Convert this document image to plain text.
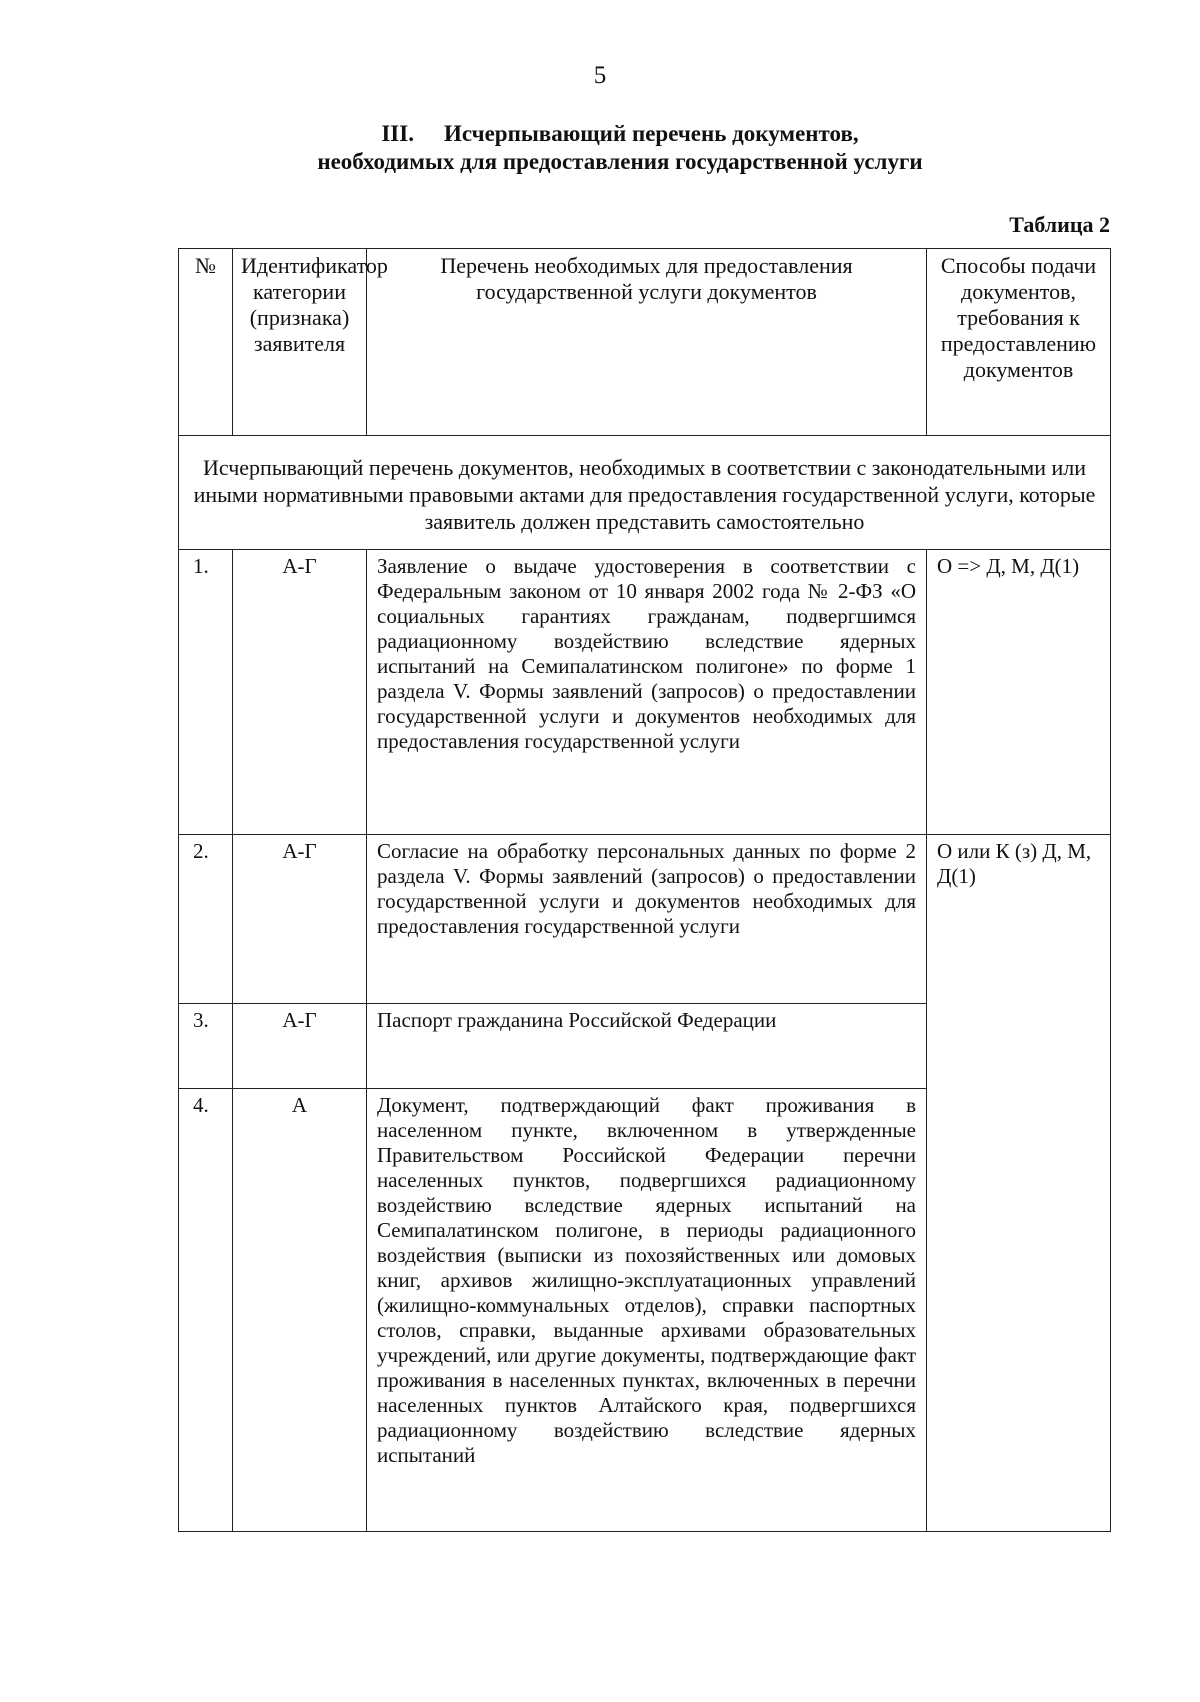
5
III. Исчерпывающий перечень документов,
необходимых для предоставления государственной услуги
Таблица 2
№	Идентификатор категории (признака) заявителя	Перечень необходимых для предоставления государственной услуги документов	Способы подачи документов, требования к предоставлению документов
Исчерпывающий перечень документов, необходимых в соответствии с законодательными или иными нормативными правовыми актами для предоставления государственной услуги, которые заявитель должен представить самостоятельно			
1.	А-Г	Заявление о выдаче удостоверения в соответствии с Федеральным законом от 10 января 2002 года № 2-ФЗ «О социальных гарантиях гражданам, подвергшимся радиационному воздействию вследствие ядерных испытаний на Семипалатинском полигоне» по форме 1 раздела V. Формы заявлений (запросов) о предоставлении государственной услуги и документов необходимых для предоставления государственной услуги	О => Д, М, Д(1)
2.	А-Г	Согласие на обработку персональных данных по форме 2 раздела V. Формы заявлений (запросов) о предоставлении государственной услуги и документов необходимых для предоставления государственной услуги	О или К (з) Д, М, Д(1)
3.	А-Г	Паспорт гражданина Российской Федерации	
4.	А	Документ, подтверждающий факт проживания в населенном пункте, включенном в утвержденные Правительством Российской Федерации перечни населенных пунктов, подвергшихся радиационному воздействию вследствие ядерных испытаний на Семипалатинском полигоне, в периоды радиационного воздействия (выписки из похозяйственных или домовых книг, архивов жилищно-эксплуатационных управлений (жилищно-коммунальных отделов), справки паспортных столов, справки, выданные архивами образовательных учреждений, или другие документы, подтверждающие факт проживания в населенных пунктах, включенных в перечни населенных пунктов Алтайского края, подвергшихся радиационному воздействию вследствие ядерных испытаний	
